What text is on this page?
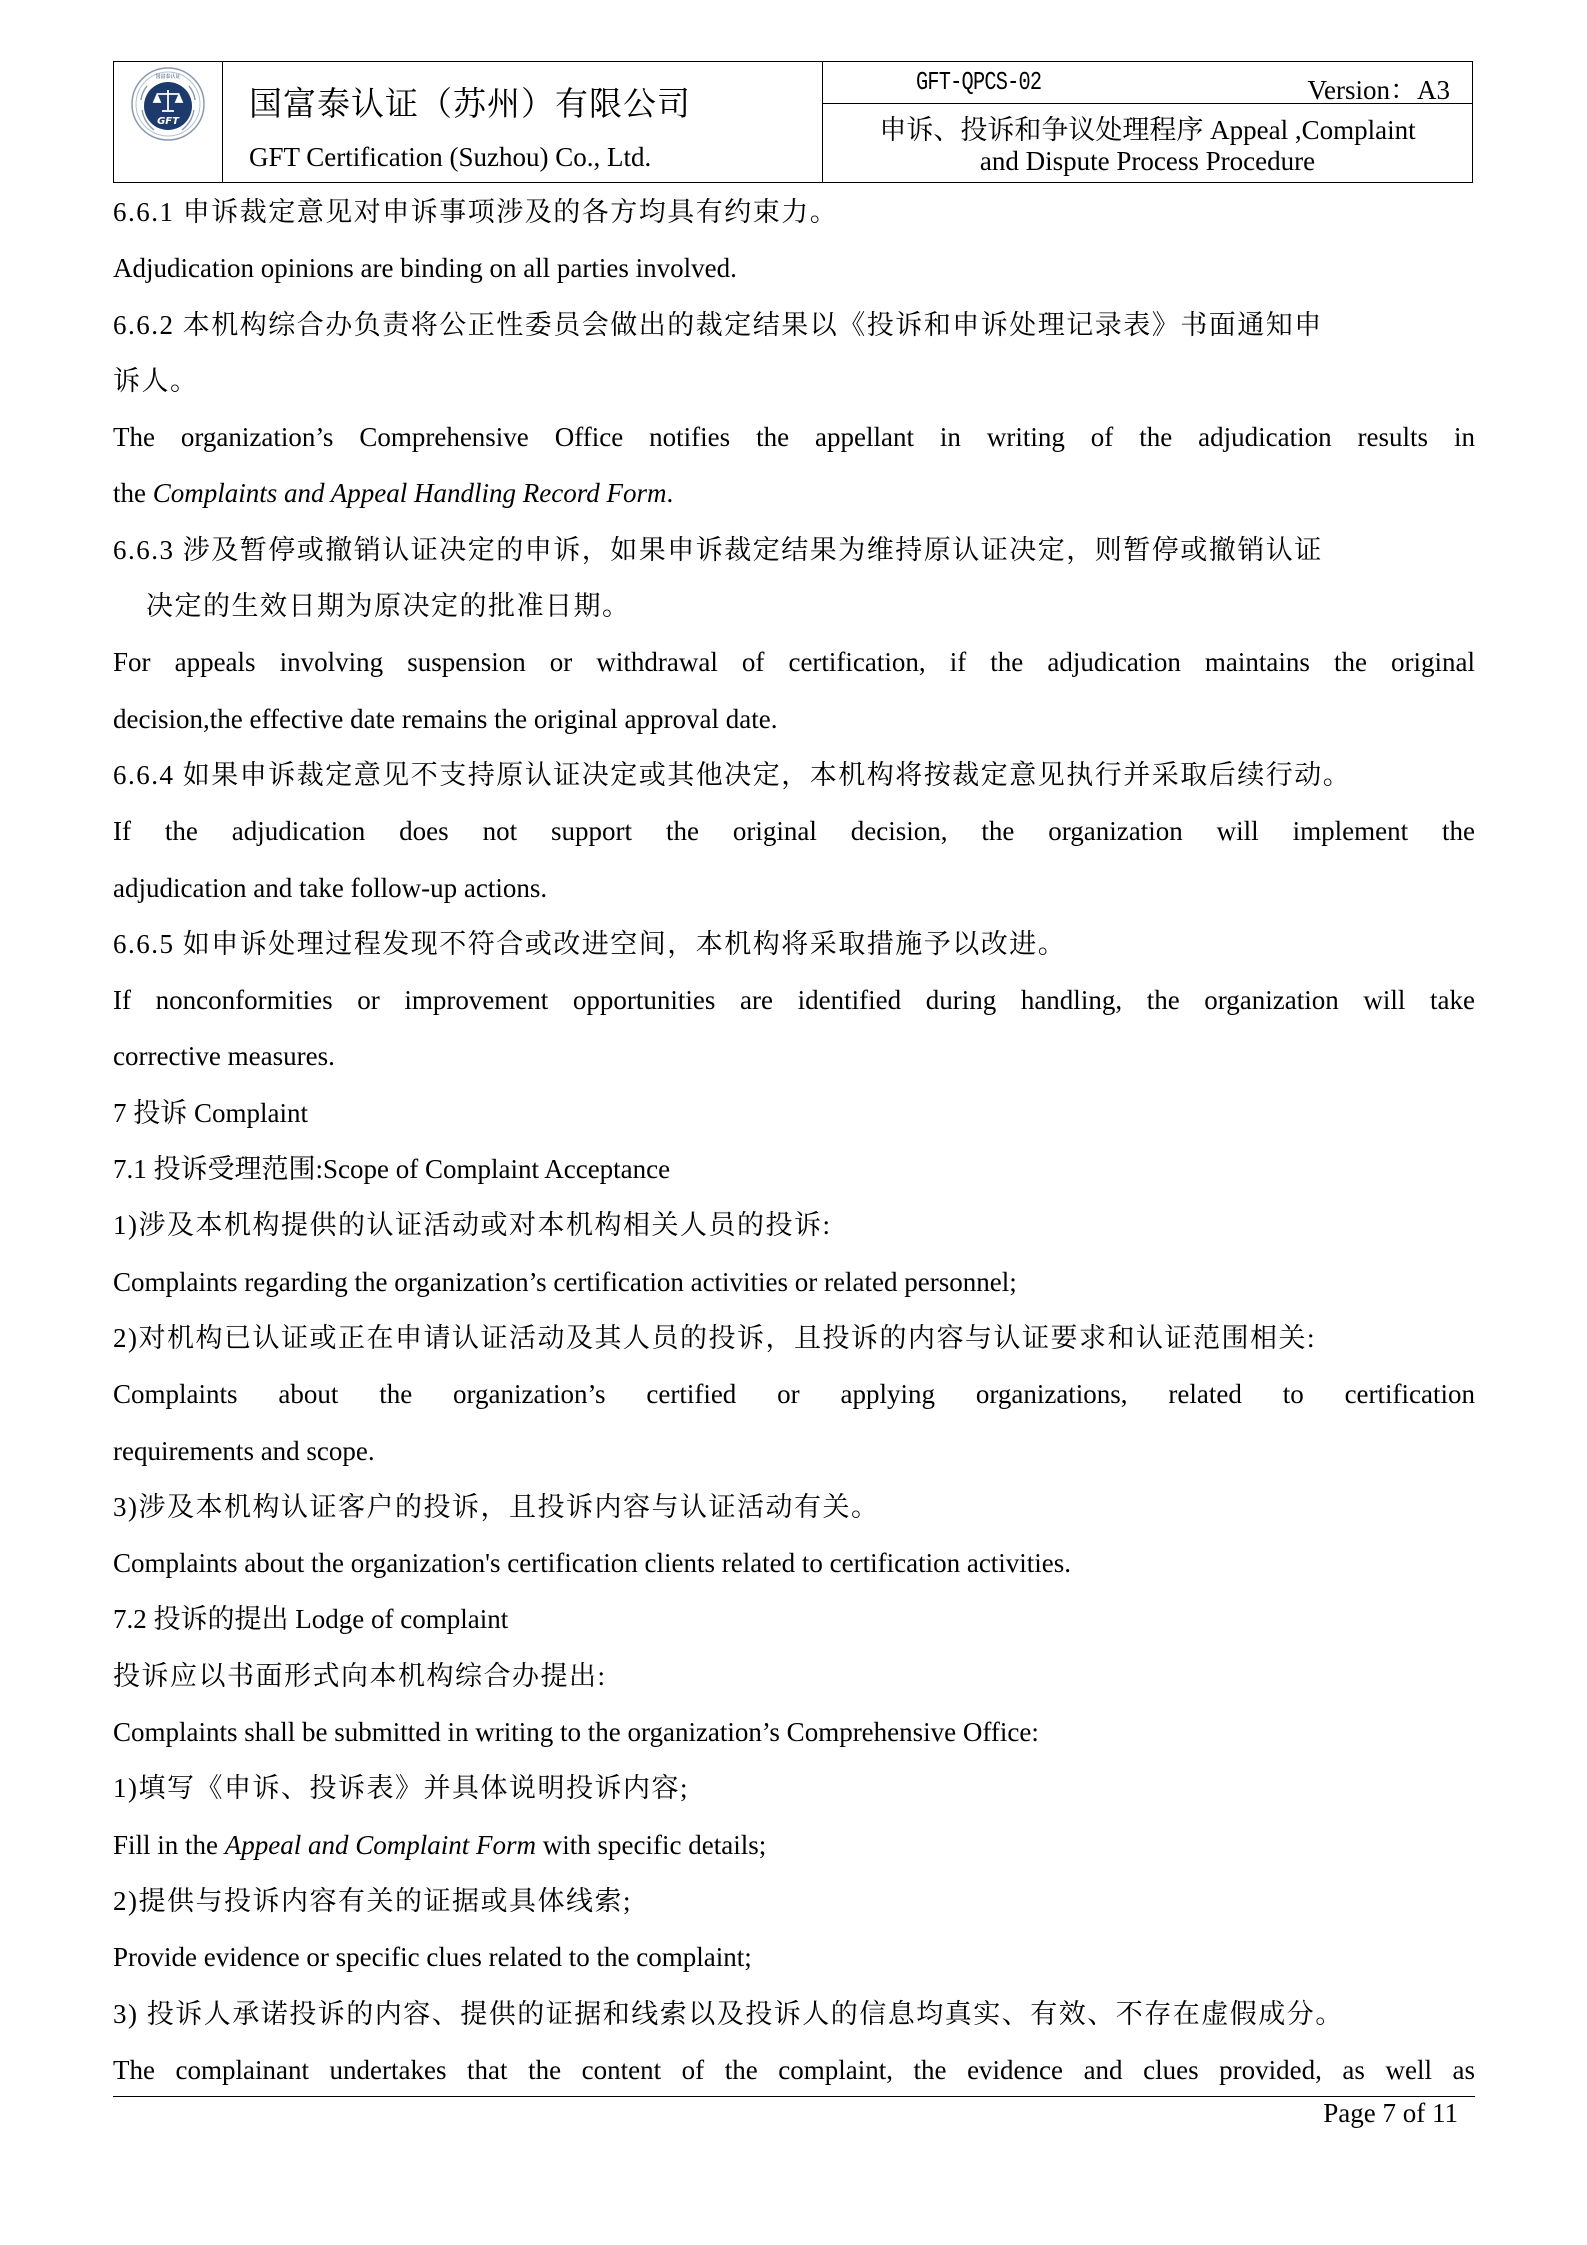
GFT
国富泰认证
国富泰认证（苏州）有限公司
GFT Certification (Suzhou) Co., Ltd.
GFT-QPCS-02	Version：A3
申诉、投诉和争议处理程序 Appeal ,Complaint
and Dispute Process Procedure
6.6.1 申诉裁定意见对申诉事项涉及的各方均具有约束力。
Adjudication opinions are binding on all parties involved.
6.6.2 本机构综合办负责将公正性委员会做出的裁定结果以《投诉和申诉处理记录表》书面通知申
诉人。
The organization’s Comprehensive Office notifies the appellant in writing of the adjudication results in
the Complaints and Appeal Handling Record Form.
6.6.3 涉及暂停或撤销认证决定的申诉，如果申诉裁定结果为维持原认证决定，则暂停或撤销认证
决定的生效日期为原决定的批准日期。
For appeals involving suspension or withdrawal of certification, if the adjudication maintains the original
decision,the effective date remains the original approval date.
6.6.4 如果申诉裁定意见不支持原认证决定或其他决定，本机构将按裁定意见执行并采取后续行动。
If the adjudication does not support the original decision, the organization will implement the
adjudication and take follow-up actions.
6.6.5 如申诉处理过程发现不符合或改进空间，本机构将采取措施予以改进。
If nonconformities or improvement opportunities are identified during handling, the organization will take
corrective measures.
7 投诉 Complaint
7.1 投诉受理范围:Scope of Complaint Acceptance
1)涉及本机构提供的认证活动或对本机构相关人员的投诉:
Complaints regarding the organization’s certification activities or related personnel;
2)对机构已认证或正在申请认证活动及其人员的投诉，且投诉的内容与认证要求和认证范围相关:
Complaints about the organization’s certified or applying organizations, related to certification
requirements and scope.
3)涉及本机构认证客户的投诉，且投诉内容与认证活动有关。
Complaints about the organization's certification clients related to certification activities.
7.2 投诉的提出 Lodge of complaint
投诉应以书面形式向本机构综合办提出:
Complaints shall be submitted in writing to the organization’s Comprehensive Office:
1)填写《申诉、投诉表》并具体说明投诉内容;
Fill in the Appeal and Complaint Form with specific details;
2)提供与投诉内容有关的证据或具体线索;
Provide evidence or specific clues related to the complaint;
3) 投诉人承诺投诉的内容、提供的证据和线索以及投诉人的信息均真实、有效、不存在虚假成分。
The complainant undertakes that the content of the complaint, the evidence and clues provided, as well as
Page 7 of 11
